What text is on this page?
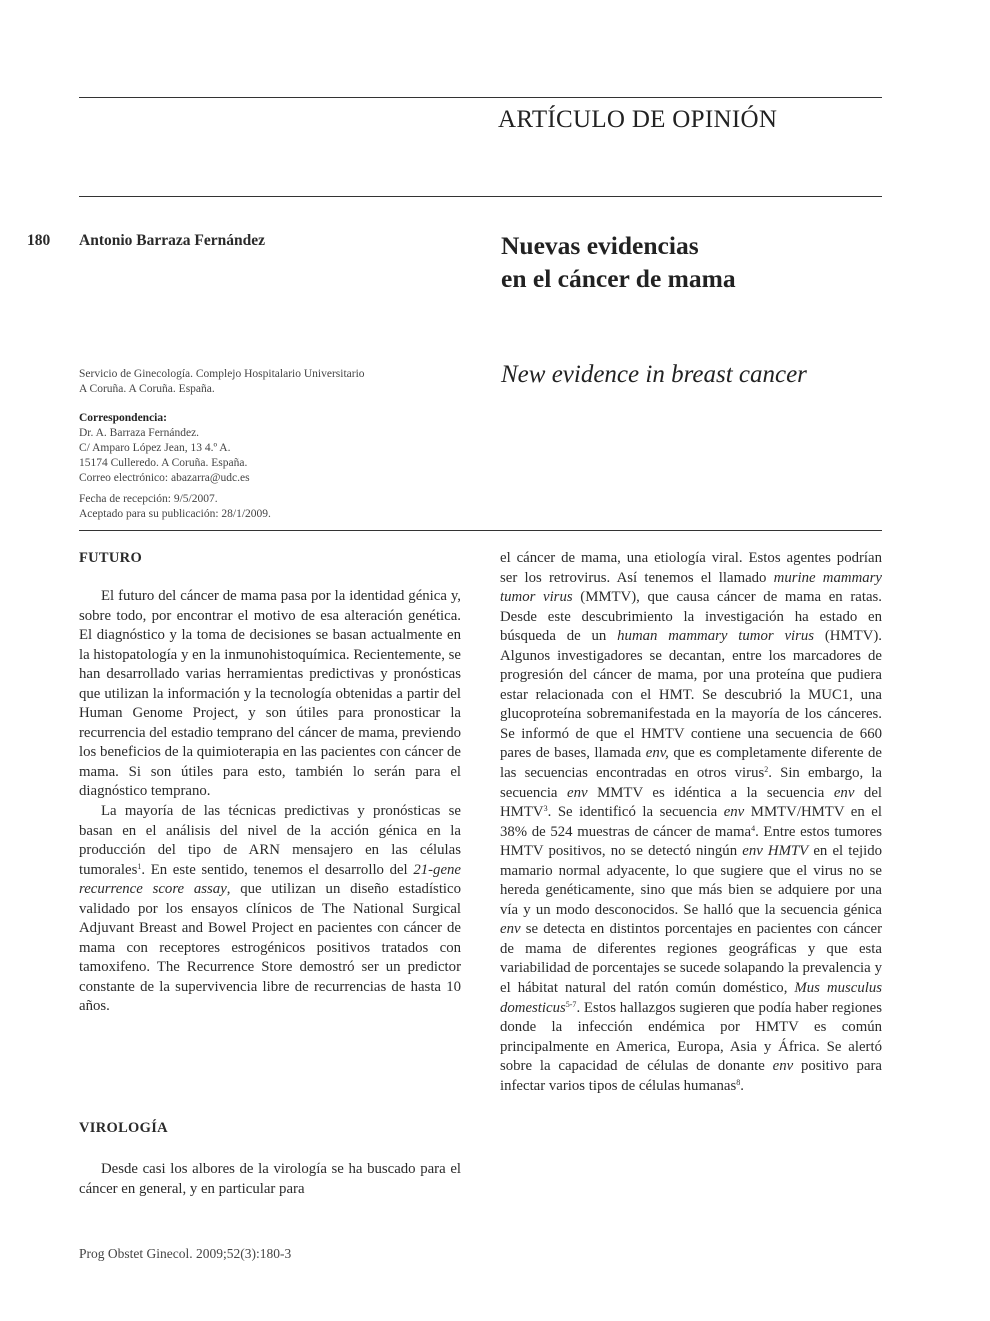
ARTÍCULO DE OPINIÓN
180 Antonio Barraza Fernández	Nuevas evidencias
en el cáncer de mama
New evidence in breast cancer
Servicio de Ginecología. Complejo Hospitalario Universitario
A Coruña. A Coruña. España.
Correspondencia:
Dr. A. Barraza Fernández.
C/ Amparo López Jean, 13 4.º A.
15174 Culleredo. A Coruña. España.
Correo electrónico: abazarra@udc.es
Fecha de recepción: 9/5/2007.
Aceptado para su publicación: 28/1/2009.
FUTURO

El futuro del cáncer de mama pasa por la identidad génica y, sobre todo, por encontrar el motivo de esa alteración genética. El diagnóstico y la toma de decisiones se basan actualmente en la histopatología y en la inmunohistoquímica. Recientemente, se han desarrollado varias herramientas predictivas y pronósticas que utilizan la información y la tecnología obtenidas a partir del Human Genome Project, y son útiles para pronosticar la recurrencia del estadio temprano del cáncer de mama, previendo los beneficios de la quimioterapia en las pacientes con cáncer de mama. Si son útiles para esto, también lo serán para el diagnóstico temprano.

La mayoría de las técnicas predictivas y pronósticas se basan en el análisis del nivel de la acción génica en la producción del tipo de ARN mensajero en las células tumorales$^1$. En este sentido, tenemos el desarrollo del 21-gene recurrence score assay, que utilizan un diseño estadístico validado por los ensayos clínicos de The National Surgical Adjuvant Breast and Bowel Project en pacientes con cáncer de mama con receptores estrogénicos positivos tratados con tamoxifeno. The Recurrence Store demostró ser un predictor constante de la supervivencia libre de recurrencias de hasta 10 años.

VIROLOGÍA

Desde casi los albores de la virología se ha buscado para el cáncer en general, y en particular para

el cáncer de mama, una etiología viral. Estos agentes podrían ser los retrovirus. Así tenemos el llamado murine mammary tumor virus (MMTV), que causa cáncer de mama en ratas. Desde este descubrimiento la investigación ha estado en búsqueda de un human mammary tumor virus (HMTV). Algunos investigadores se decantan, entre los marcadores de progresión del cáncer de mama, por una proteína que pudiera estar relacionada con el HMT. Se descubrió la MUC1, una glucoproteína sobremanifestada en la mayoría de los cánceres. Se informó de que el HMTV contiene una secuencia de 660 pares de bases, llamada env, que es completamente diferente de las secuencias encontradas en otros virus$^2$. Sin embargo, la secuencia env MMTV es idéntica a la secuencia env del HMTV$^3$. Se identificó la secuencia env MMTV/HMTV en el 38% de 524 muestras de cáncer de mama$^4$. Entre estos tumores HMTV positivos, no se detectó ningún env HMTV en el tejido mamario normal adyacente, lo que sugiere que el virus no se hereda genéticamente, sino que más bien se adquiere por una vía y un modo desconocidos. Se halló que la secuencia génica env se detecta en distintos porcentajes en pacientes con cáncer de mama de diferentes regiones geográficas y que esta variabilidad de porcentajes se sucede solapando la prevalencia y el hábitat natural del ratón común doméstico, Mus musculus domesticus$^{5-7}$. Estos hallazgos sugieren que podía haber regiones donde la infección endémica por HMTV es común principalmente en America, Europa, Asia y África. Se alertó sobre la capacidad de células de donante env positivo para infectar varios tipos de células humanas$^8$.

Prog Obstet Ginecol. 2009;52(3):180-3
